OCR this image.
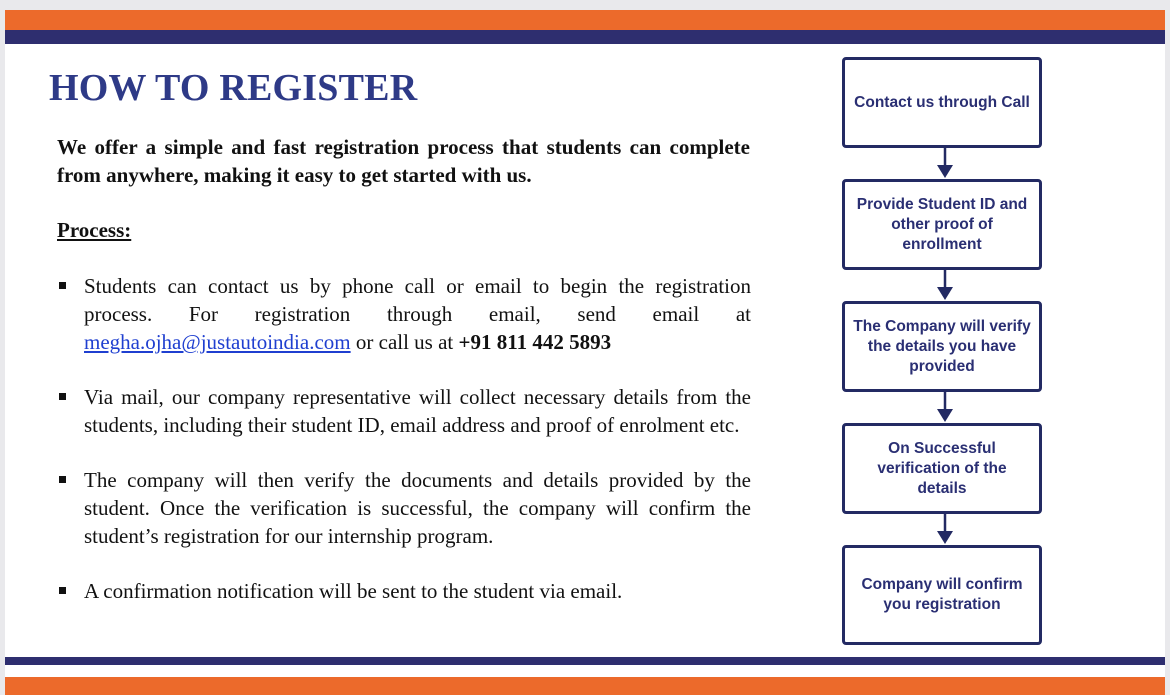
HOW TO REGISTER

We offer a simple and fast registration process that students can complete from anywhere, making it easy to get started with us.

Process:
Students can contact us by phone call or email to begin the registration process. For registration through email, send email at megha.ojha@justautoindia.com or call us at +91 811 442 5893
Via mail, our company representative will collect necessary details from the students, including their student ID, email address and proof of enrolment etc.
The company will then verify the documents and details provided by the student. Once the verification is successful, the company will confirm the student’s registration for our internship program.
A confirmation notification will be sent to the student via email.
Contact us through Call
Provide Student ID and other proof of enrollment
The Company will verify the details you have provided
On Successful verification of the details
Company will confirm you registration
